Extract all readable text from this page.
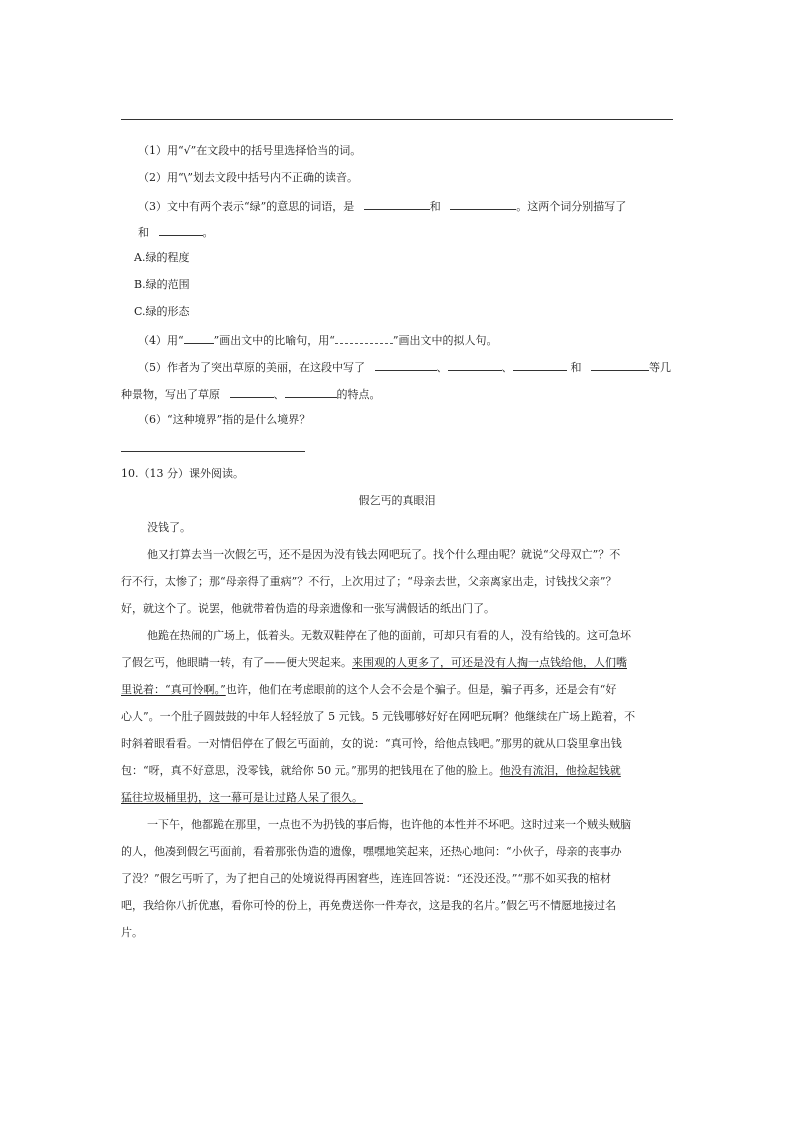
（1）用“√”在文段中的括号里选择恰当的词。
（2）用“\”划去文段中括号内不正确的读音。
（3）文中有两个表示“绿”的意思的词语，是	和	。这两个词分别描写了
和	。
A.绿的程度
B.绿的范围
C.绿的形态
（4）用“	”画出文中的比喻句，用“	”画出文中的拟人句。
（5）作者为了突出草原的美丽，在这段中写了	、	、	和	等几
种景物，写出了草原	、	的特点。
（6）“这种境界”指的是什么境界？
10.（13 分）课外阅读。
假乞丐的真眼泪
没钱了。
他又打算去当一次假乞丐，还不是因为没有钱去网吧玩了。找个什么理由呢？就说“父母双亡”？不
行不行，太惨了；那“母亲得了重病”？不行，上次用过了；“母亲去世，父亲离家出走，讨钱找父亲”？
好，就这个了。说罢，他就带着伪造的母亲遗像和一张写满假话的纸出门了。
他跪在热闹的广场上，低着头。无数双鞋停在了他的面前，可却只有看的人，没有给钱的。这可急坏
了假乞丐，他眼睛一转，有了——便大哭起来。来围观的人更多了，可还是没有人掏一点钱给他，人们嘴
里说着：“真可怜啊。”也许，他们在考虑眼前的这个人会不会是个骗子。但是，骗子再多，还是会有“好
心人”。一个肚子圆鼓鼓的中年人轻轻放了 5 元钱。5 元钱哪够好好在网吧玩啊？他继续在广场上跪着，不
时斜着眼看看。一对情侣停在了假乞丐面前，女的说：“真可怜，给他点钱吧。”那男的就从口袋里拿出钱
包：“呀，真不好意思，没零钱，就给你 50 元。”那男的把钱甩在了他的脸上。他没有流泪，他捡起钱就
猛往垃圾桶里扔，这一幕可是让过路人呆了很久。
一下午，他都跪在那里，一点也不为扔钱的事后悔，也许他的本性并不坏吧。这时过来一个贼头贼脑
的人，他凑到假乞丐面前，看着那张伪造的遗像，嘿嘿地笑起来，还热心地问：“小伙子，母亲的丧事办
了没？”假乞丐听了，为了把自己的处境说得再困窘些，连连回答说：“还没还没。”“那不如买我的棺材
吧，我给你八折优惠，看你可怜的份上，再免费送你一件寿衣，这是我的名片。”假乞丐不情愿地接过名
片。
